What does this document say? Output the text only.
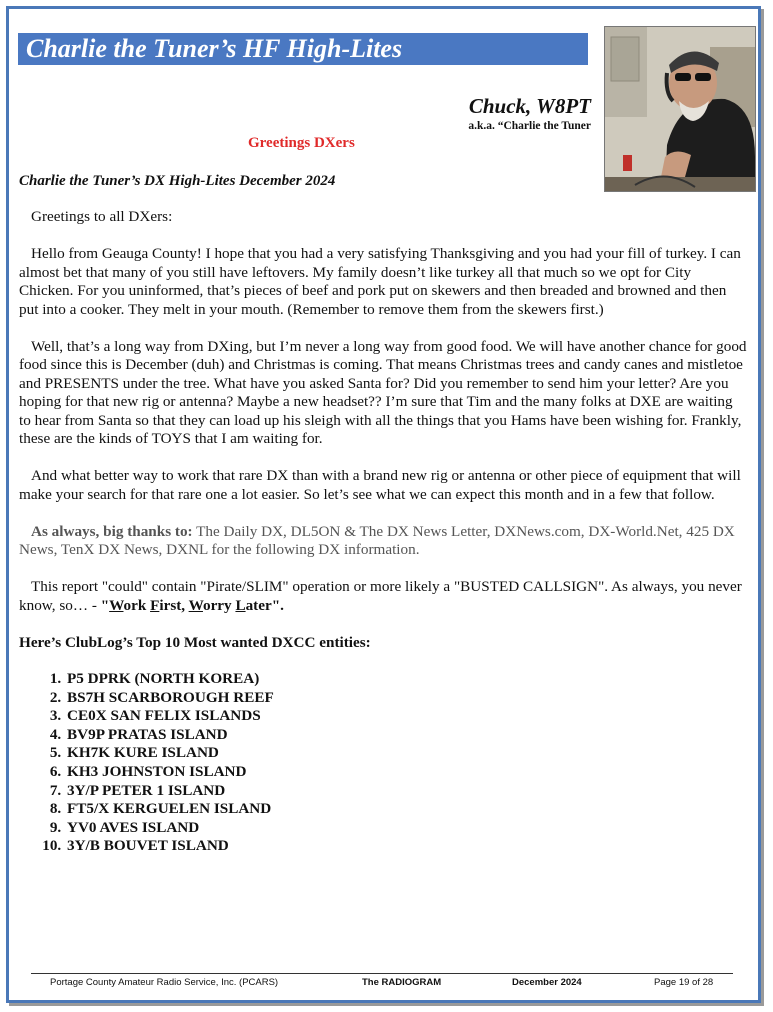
Charlie the Tuner’s HF High-Lites
Chuck, W8PT
a.k.a. “Charlie the Tuner
Greetings DXers
Charlie the Tuner’s DX High-Lites December 2024

Greetings to all DXers:

Hello from Geauga County! I hope that you had a very satisfying Thanksgiving and you had your fill of turkey. I can almost bet that many of you still have leftovers. My family doesn’t like turkey all that much so we opt for City Chicken. For you uninformed, that’s pieces of beef and pork put on skewers and then breaded and browned and then put into a cooker. They melt in your mouth. (Remember to remove them from the skewers first.)

Well, that’s a long way from DXing, but I’m never a long way from good food. We will have another chance for good food since this is December (duh) and Christmas is coming. That means Christmas trees and candy canes and mistletoe and PRESENTS under the tree. What have you asked Santa for? Did you remember to send him your letter? Are you hoping for that new rig or antenna? Maybe a new headset?? I’m sure that Tim and the many folks at DXE are waiting to hear from Santa so that they can load up his sleigh with all the things that you Hams have been wishing for. Frankly, these are the kinds of TOYS that I am waiting for.

And what better way to work that rare DX than with a brand new rig or antenna or other piece of equipment that will make your search for that rare one a lot easier. So let’s see what we can expect this month and in a few that follow.

As always, big thanks to: The Daily DX, DL5ON & The DX News Letter, DXNews.com, DX-World.Net, 425 DX News, TenX DX News, DXNL for the following DX information.

This report "could" contain "Pirate/SLIM" operation or more likely a "BUSTED CALLSIGN". As always, you never know, so… - "Work First, Worry Later".

Here’s ClubLog’s Top 10 Most wanted DXCC entities:
1. P5 DPRK (NORTH KOREA)
2. BS7H SCARBOROUGH REEF
3. CE0X SAN FELIX ISLANDS
4. BV9P PRATAS ISLAND
5. KH7K KURE ISLAND
6. KH3 JOHNSTON ISLAND
7. 3Y/P PETER 1 ISLAND
8. FT5/X KERGUELEN ISLAND
9. YV0 AVES ISLAND
10. 3Y/B BOUVET ISLAND
Portage County Amateur Radio Service, Inc. (PCARS)	The RADIOGRAM	December 2024	Page 19 of 28
